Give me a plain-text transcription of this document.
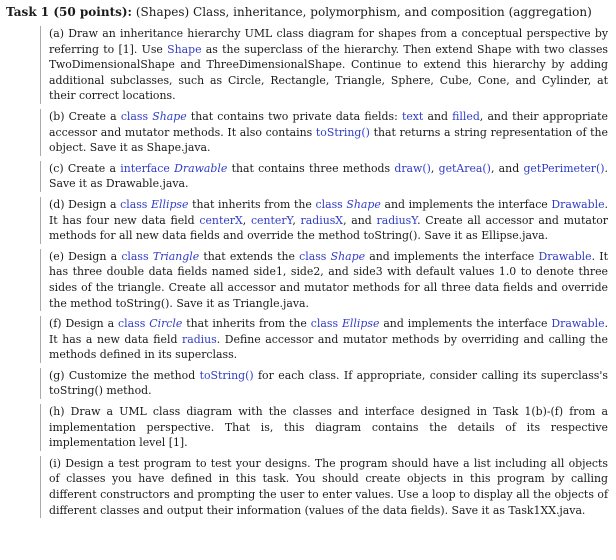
Task 1 (50 points): (Shapes) Class, inheritance, polymorphism, and composition (aggregation)
(a) Draw an inheritance hierarchy UML class diagram for shapes from a conceptual perspective by referring to [1]. Use Shape as the superclass of the hierarchy. Then extend Shape with two classes TwoDimensionalShape and ThreeDimensionalShape. Continue to extend this hierarchy by adding additional subclasses, such as Circle, Rectangle, Triangle, Sphere, Cube, Cone, and Cylinder, at their correct locations.
(b) Create a class Shape that contains two private data fields: text and filled, and their appropriate accessor and mutator methods. It also contains toString() that returns a string representation of the object. Save it as Shape.java.
(c) Create a interface Drawable that contains three methods draw(), getArea(), and getPerimeter(). Save it as Drawable.java.
(d) Design a class Ellipse that inherits from the class Shape and implements the interface Drawable. It has four new data field centerX, centerY, radiusX, and radiusY. Create all accessor and mutator methods for all new data fields and override the method toString(). Save it as Ellipse.java.
(e) Design a class Triangle that extends the class Shape and implements the interface Drawable. It has three double data fields named side1, side2, and side3 with default values 1.0 to denote three sides of the triangle. Create all accessor and mutator methods for all three data fields and override the method toString(). Save it as Triangle.java.
(f) Design a class Circle that inherits from the class Ellipse and implements the interface Drawable. It has a new data field radius. Define accessor and mutator methods by overriding and calling the methods defined in its superclass.
(g) Customize the method toString() for each class. If appropriate, consider calling its superclass's toString() method.
(h) Draw a UML class diagram with the classes and interface designed in Task 1(b)-(f) from a implementation perspective. That is, this diagram contains the details of its respective implementation level [1].
(i) Design a test program to test your designs. The program should have a list including all objects of classes you have defined in this task. You should create objects in this program by calling different constructors and prompting the user to enter values. Use a loop to display all the objects of different classes and output their information (values of the data fields). Save it as Task1XX.java.
